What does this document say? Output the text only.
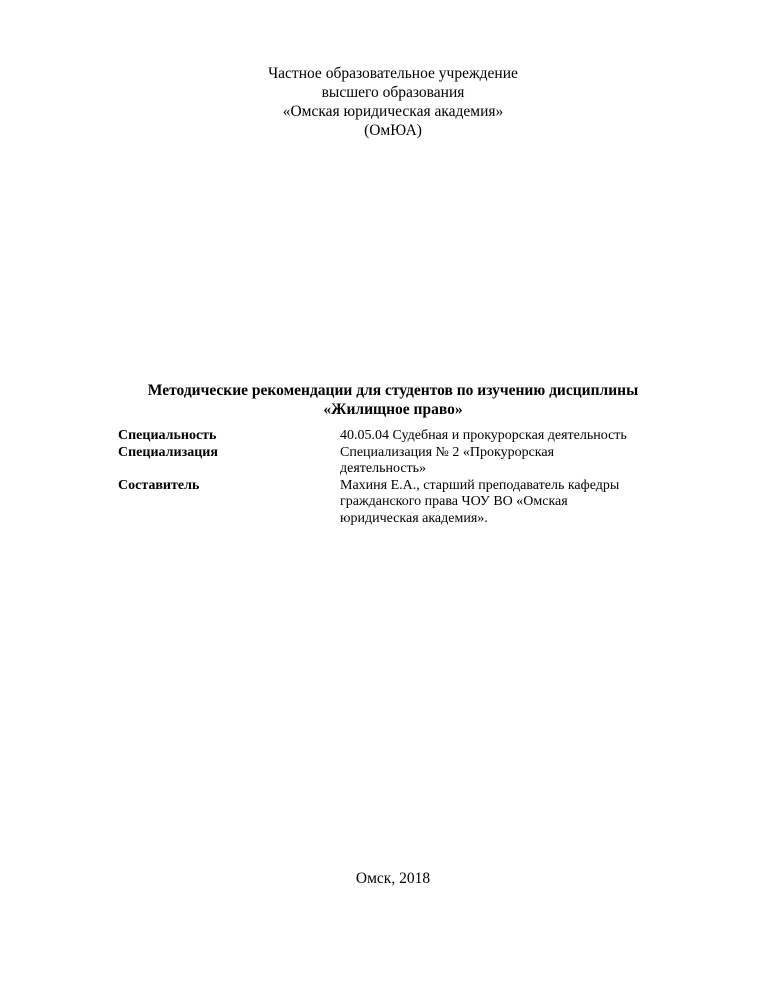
Частное образовательное учреждение
высшего образования
«Омская юридическая академия»
(ОмЮА)
Методические рекомендации для студентов по изучению дисциплины
«Жилищное право»
Специальность	40.05.04 Судебная и прокурорская деятельность
Специализация	Специализация № 2 «Прокурорская
деятельность»
Составитель	Махиня Е.А., старший преподаватель кафедры
гражданского права ЧОУ ВО «Омская
юридическая академия».
Омск, 2018
